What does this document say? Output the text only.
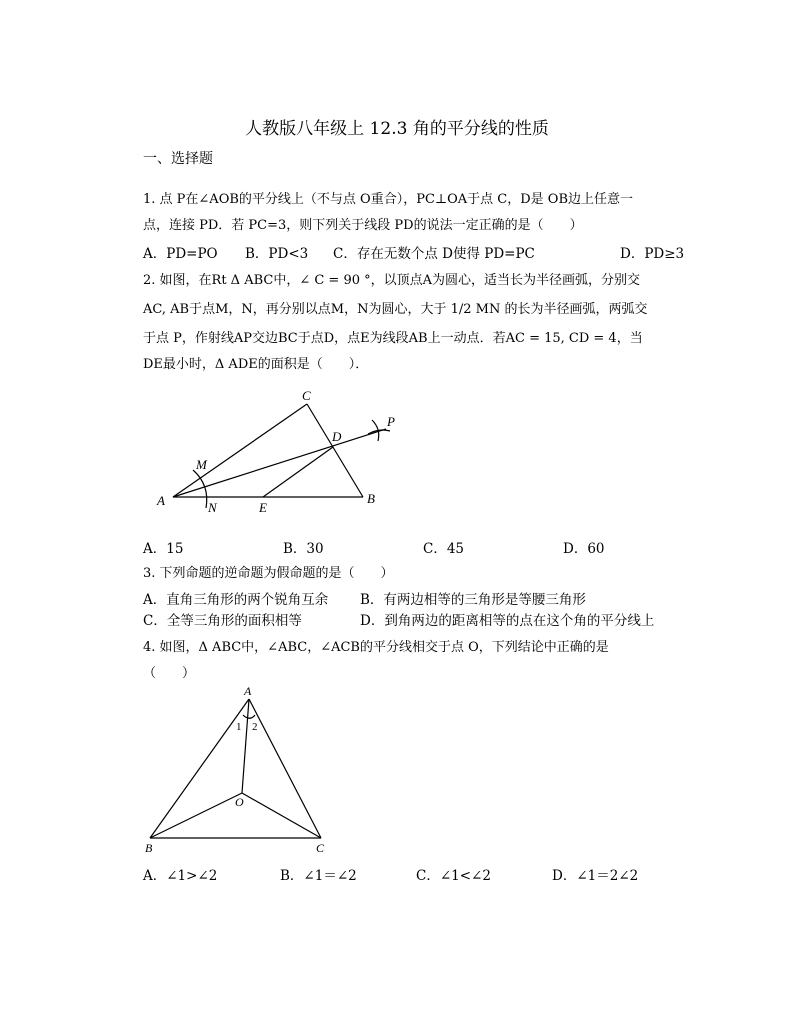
人教版八年级上 12.3 角的平分线的性质
一、选择题
1. 点 P在∠AOB的平分线上（不与点 O重合），PC⊥OA于点 C，D是 OB边上任意一
点，连接 PD．若 PC=3，则下列关于线段 PD的说法一定正确的是（　　）
A．PD=PO B．PD<3 C．存在无数个点 D使得 PD=PC	D．PD≥3
2. 如图，在Rt Δ ABC中，∠ C = 90 °，以顶点A为圆心，适当长为半径画弧，分别交
AC, AB于点M，N，再分别以点M，N为圆心，大于 1/2 MN 的长为半径画弧，两弧交
于点 P，作射线AP交边BC于点D，点E为线段AB上一动点．若AC = 15, CD = 4，当
DE最小时，Δ ADE的面积是（　　）．
C
D
P
M
A	N	E
B
A．15	B．30	C．45	D．60
3. 下列命题的逆命题为假命题的是（　　）
A．直角三角形的两个锐角互余 B．有两边相等的三角形是等腰三角形
C．全等三角形的面积相等	D．到角两边的距离相等的点在这个角的平分线上
4. 如图，Δ ABC中，∠ABC，∠ACB的平分线相交于点 O，下列结论中正确的是
（　　）
A
B	C
O
1 2
A．∠1>∠2	B．∠1＝∠2	C．∠1<∠2	D．∠1＝2∠2
